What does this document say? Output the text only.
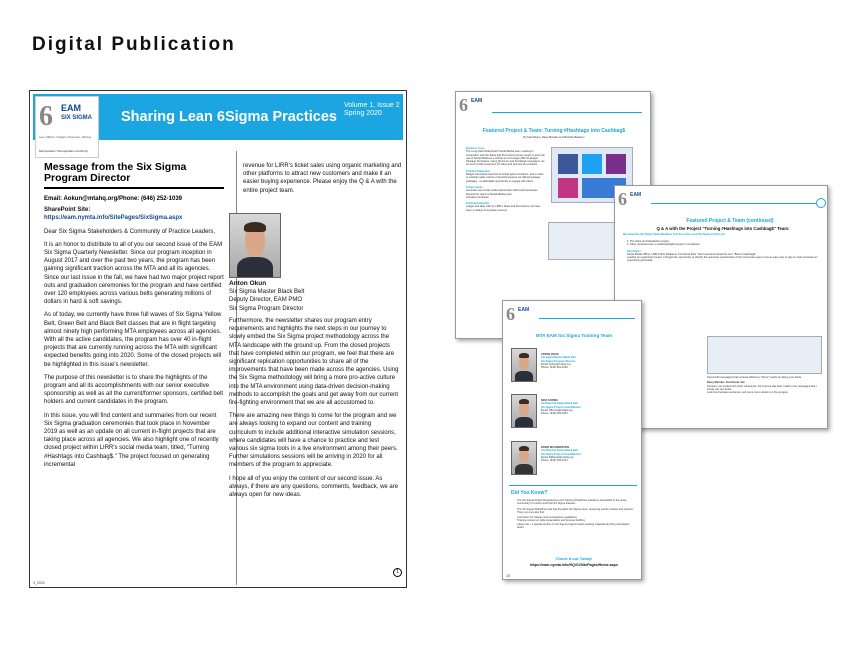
Digital Publication
Sharing Lean 6Sigma Practices
Volume 1, Issue 2
Spring 2020
6 EAM
SIX SIGMA
Lean • Efficient • Intelligent • Responsive • Effective
Metropolitan Transportation Authority
Message from the Six Sigma Program Director
Email: Aokun@mtahq.org/Phone: (646) 252-1039
SharePoint Site:
https://eam.nymta.info/SitePages/SixSigma.aspx

Dear Six Sigma Stakeholders & Community of Practice Leaders,

It is an honor to distribute to all of you our second issue of the EAM Six Sigma Quarterly Newsletter. Since our program inception in August 2017 and over the past two years, the program has been gaining significant traction across the MTA and all its agencies. Since our last issue in the fall, we have had two major project report outs and graduation ceremonies for the program and have certified over 120 employees across various belts generating millions of dollars in hard & soft savings.

As of today, we currently have three full waves of Six Sigma Yellow Belt, Green Belt and Black Belt classes that are in flight targeting almost ninety high performing MTA employees across all agencies. With all the active candidates, the program has over 40 in-flight projects that are currently running across the MTA with significant expected benefits going into 2020. Some of the closed projects will be highlighted in this issue's newsletter.

The purpose of this newsletter is to share the highlights of the program and all its accomplishments with our senior executive sponsorship as well as all the current/former sponsors, certified belt holders and current candidates in the program.

In this issue, you will find content and summaries from our recent Six Sigma graduation ceremonies that took place in November 2019 as well as an update on all current in-flight projects that are taking place across all agencies. We also highlight one of recently closed project within LIRR's social media team, titled, "Turning #Hashtags into Cashbag$." The project focused on generating incremental

revenue for LIRR's ticket sales using organic marketing and other platforms to attract new customers and make it an easier buying experience. Please enjoy the Q & A with the entire project team.

Anton Okun
Six Sigma Master Black Belt
Deputy Director, EAM PMO
Six Sigma Program Director

Furthermore, the newsletter shares our program entry requirements and highlights the next steps in our journey to slowly embed the Six Sigma project methodology across the MTA landscape with the ground up. From the closed projects that have completed within our program, we feel that there are significant replication opportunities to share all of the improvements that have been made across the agencies. Using the Six Sigma methodology will bring a more pro-active culture into the MTA environment using data-driven decision-making methods to accomplish the goals and get away from our current fire-fighting environment that we are all accustomed to.

There are amazing new things to come for the program and we are always looking to expand our content and training curriculum to include additional interactive simulation sessions, where candidates will have a chance to practice and test various six sigma tools in a live environment among their peers. Further simulations sessions will be arriving in 2020 for all members of the program to appreciate.

I hope all of you enjoy the content of our second issue. As always, if there are any questions, comments, feedback, we are always open for new ideas.

1
3_2020
6 EAM
Featured Project & Team: Turning #Hashtags into Cashbag$
By Kara Myers, Daisy Morales and Michelle Basberry
Business Case
The Long Island Rail Road's Social Media team, working in conjunction with the Sales and Promotions Group sought to grow the use of Social Media as a vehicle to encourage LIRR Getaways Package Purchases. Using @mta Go and Socialweb campaigns, we set out to build excitement for riders and promote the products.
Problem Statement
Budget constraints have led to limited paid promotions, and in order to maintain sales volume of local businesses we offered getaway packages - an affordable opportunity to engage with riders.
Project Goals
Generate new social media partnerships with local businesses
Expand the reach of Social Media posts
Increase purchases
Estimated Benefits
Ledger and daily calls by LIRR's Sales and Promotions, we have been a catalyst to increase revenue
6 EAM
Featured Project & Team (continued)
Q & A with the Project "Turning #Hashtags into Cashbag$" Team:
We asked the Six Sigma Team Members how they have used Six Sigma in their job:
1. The Voice and Satisfaction project
2. Other processes like a marketing/digital project in completion
Kara Myers
Social Media Officer, LIRR Public Relations; Functional Role: Team lead and owned the term "Bad to Cashbag$"
Leading an organized process, I thought the opportunity to identify the outcomes opportunities of the consumers seem to be an easy way to stay on track and keep an opportunity generated.
Successful campaigns that increase efficiency "Show" results by taking your foods.
Daisy Morales, Functional role:
Opinions: we worked with other companies, the improve has been made in the campaigns that I simply can see better.
Look into business outcomes, and some more solution on the program.
6 EAM
MTA EAM Six Sigma Training Team
ANTON OKUN
Six Sigma Master Black Belt,
Six Sigma Program Director
Email: Aokun@mtahq.org
Phone: (646) 252-1039
NICK KORMA
Certified Six Sigma Black Belt
Six Sigma Project Coach/Mentor
Email: NKorma@mtahq.org
Phone: (646) 252-1632
DORIS MAURERSTEIN
Certified Six Sigma Black Belt
Six Sigma Project Coach/Mentor
Email: DMaurer@mtahq.org
Phone: (646) 252-1070
Did You Know?
The Six Sigma Project Development and Training SharePoint website is accessible to the entire community of Current and Past Six Sigma trainees.
The Six Sigma SharePoint site has the latest Six Sigma news, upcoming events' notices and pictures. There you can also find:
Curriculum for classes and course/lesson guidelines
Training content on slide presentation and process building
Close-outs - a special section on Six Sigma projects teams working materials and the presentation decks
Check it out Today!
https://eam.nymta.info/HQ/CI/SitePages/Home.aspx
15
